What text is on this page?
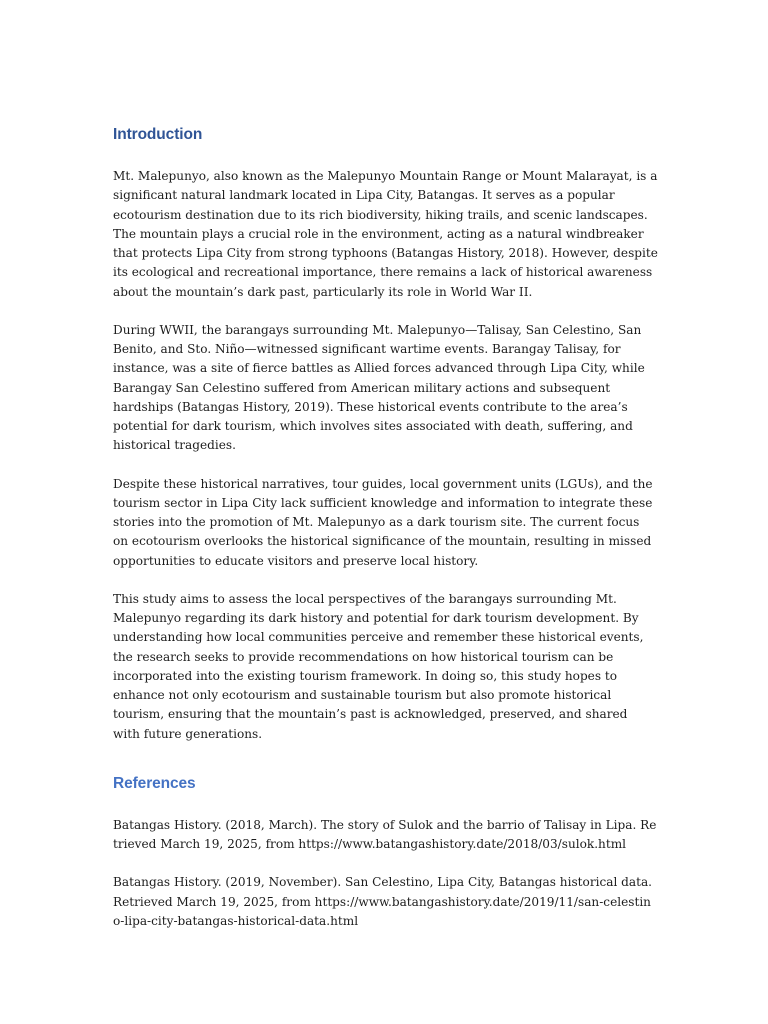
Introduction

Mt. Malepunyo, also known as the Malepunyo Mountain Range or Mount Malarayat, is a significant natural landmark located in Lipa City, Batangas. It serves as a popular ecotourism destination due to its rich biodiversity, hiking trails, and scenic landscapes. The mountain plays a crucial role in the environment, acting as a natural windbreaker that protects Lipa City from strong typhoons (Batangas History, 2018). However, despite its ecological and recreational importance, there remains a lack of historical awareness about the mountain’s dark past, particularly its role in World War II.

During WWII, the barangays surrounding Mt. Malepunyo—Talisay, San Celestino, San Benito, and Sto. Niño—witnessed significant wartime events. Barangay Talisay, for instance, was a site of fierce battles as Allied forces advanced through Lipa City, while Barangay San Celestino suffered from American military actions and subsequent hardships (Batangas History, 2019). These historical events contribute to the area’s potential for dark tourism, which involves sites associated with death, suffering, and historical tragedies.

Despite these historical narratives, tour guides, local government units (LGUs), and the tourism sector in Lipa City lack sufficient knowledge and information to integrate these stories into the promotion of Mt. Malepunyo as a dark tourism site. The current focus on ecotourism overlooks the historical significance of the mountain, resulting in missed opportunities to educate visitors and preserve local history.

This study aims to assess the local perspectives of the barangays surrounding Mt. Malepunyo regarding its dark history and potential for dark tourism development. By understanding how local communities perceive and remember these historical events, the research seeks to provide recommendations on how historical tourism can be incorporated into the existing tourism framework. In doing so, this study hopes to enhance not only ecotourism and sustainable tourism but also promote historical tourism, ensuring that the mountain’s past is acknowledged, preserved, and shared with future generations.

References

Batangas History. (2018, March). The story of Sulok and the barrio of Talisay in Lipa. Retrieved March 19, 2025, from https://www.batangashistory.date/2018/03/sulok.html

Batangas History. (2019, November). San Celestino, Lipa City, Batangas historical data. Retrieved March 19, 2025, from https://www.batangashistory.date/2019/11/san-celestino-lipa-city-batangas-historical-data.html
